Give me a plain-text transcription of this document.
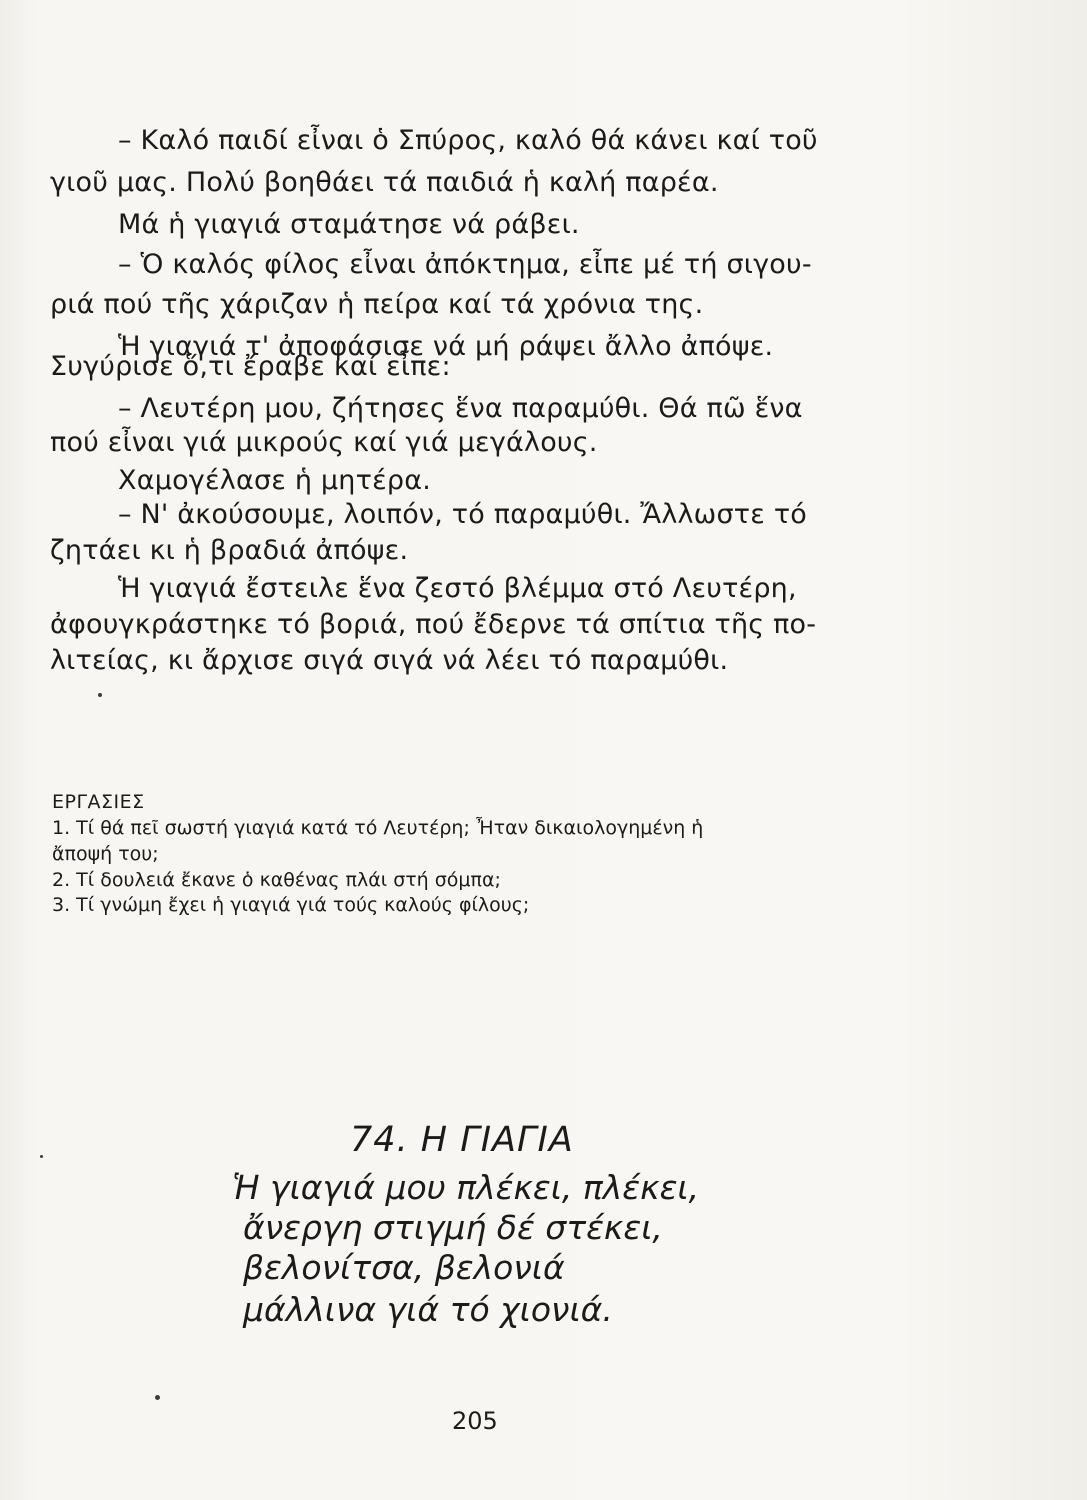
– Καλό παιδί εἶναι ὁ Σπύρος, καλό θά κάνει καί τοῦ
γιοῦ μας. Πολύ βοηθάει τά παιδιά ἡ καλή παρέα.
Μά ἡ γιαγιά σταμάτησε νά ράβει.
– Ὁ καλός φίλος εἶναι ἀπόκτημα, εἶπε μέ τή σιγου-
ριά πού τῆς χάριζαν ἡ πείρα καί τά χρόνια της.
Ἡ γιαγιά τ' ἀποφάσισε νά μή ράψει ἄλλο ἀπόψε.
Συγύρισε ὅ,τι ἔραβε καί εἶπε:
– Λευτέρη μου, ζήτησες ἕνα παραμύθι. Θά πῶ ἕνα
πού εἶναι γιά μικρούς καί γιά μεγάλους.
Χαμογέλασε ἡ μητέρα.
– Ν' ἀκούσουμε, λοιπόν, τό παραμύθι. Ἄλλωστε τό
ζητάει κι ἡ βραδιά ἀπόψε.
Ἡ γιαγιά ἔστειλε ἕνα ζεστό βλέμμα στό Λευτέρη,
ἀφουγκράστηκε τό βοριά, πού ἔδερνε τά σπίτια τῆς πο-
λιτείας, κι ἄρχισε σιγά σιγά νά λέει τό παραμύθι.
ΕΡΓΑΣΙΕΣ
1. Τί θά πεῖ σωστή γιαγιά κατά τό Λευτέρη; Ἦταν δικαιολογημένη ἡ
ἄποψή του;
2. Τί δουλειά ἔκανε ὁ καθένας πλάι στή σόμπα;
3. Τί γνώμη ἔχει ἡ γιαγιά γιά τούς καλούς φίλους;
74. Η ΓΙΑΓΙΑ
Ἡ γιαγιά μου πλέκει, πλέκει,
ἄνεργη στιγμή δέ στέκει,
βελονίτσα, βελονιά
μάλλινα γιά τό χιονιά.
205
